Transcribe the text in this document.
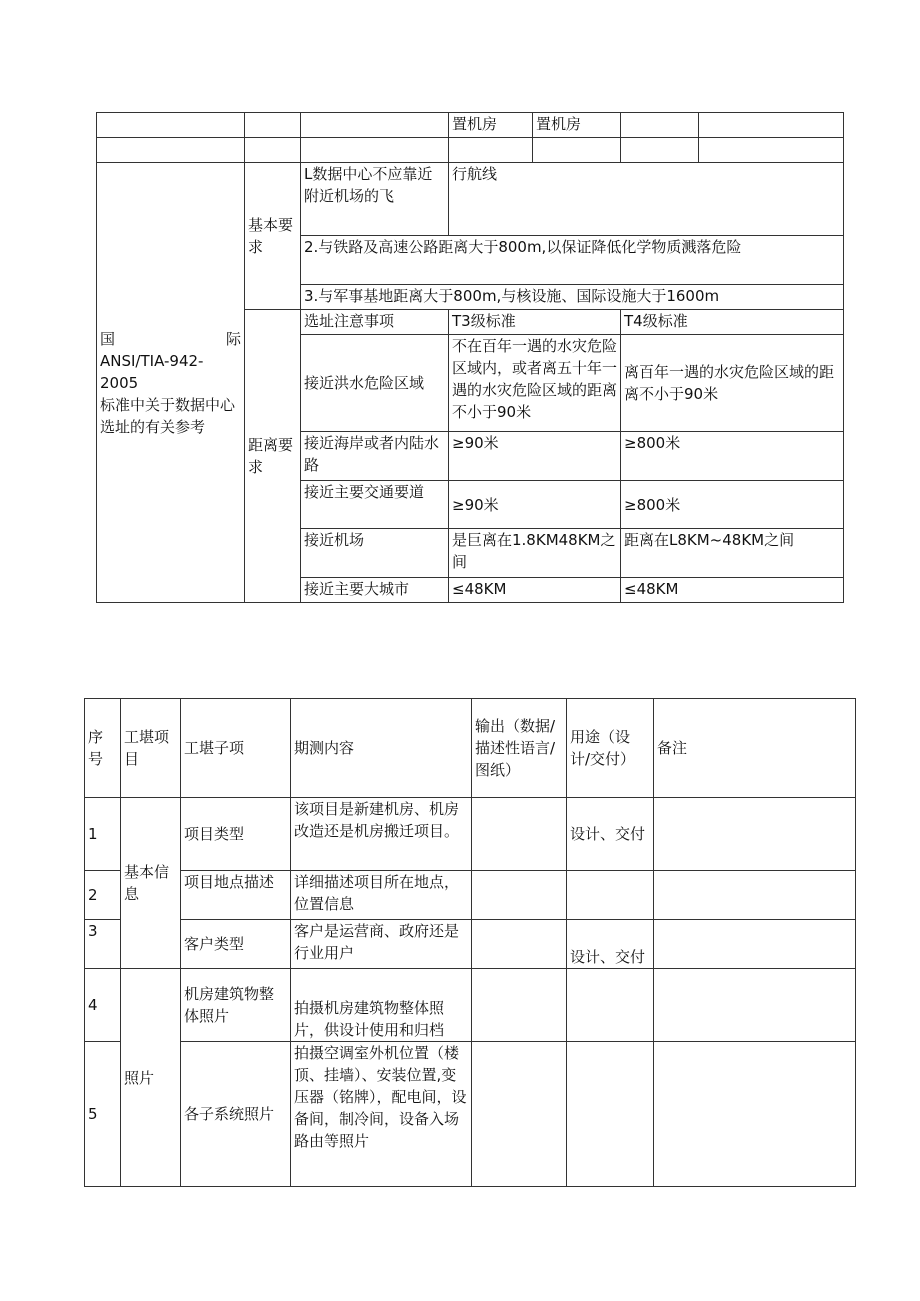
			置机房	置机房		

国 际
ANSI/TIA-942-2005
标准中关于数据中心选址的有关参考	基本要求	L数据中心不应靠近附近机场的飞	行航线			
		2.与铁路及高速公路距离大于800m,以保证降低化学物质溅落危险				
		3.与军事基地距离大于800m,与核设施、国际设施大于1600m				
	距离要求	选址注意事项	T3级标准		T4级标准	
		接近洪水危险区域	不在百年一遇的水灾危险区域内，或者离五十年一遇的水灾危险区域的距离不小于90米		离百年一遇的水灾危险区域的距离不小于90米	
		接近海岸或者内陆水路	≥90米		≥800米	
		接近主要交通要道	≥90米		≥800米	
		接近机场	是巨离在1.8KM48KM之间		距离在L8KM~48KM之间	
		接近主要大城市	≤48KM		≤48KM	
序号	工堪项目	工堪子项	期测内容	输出（数据/描述性语言/图纸）	用途（设计/交付）	备注
1	基本信息	项目类型	该项目是新建机房、机房改造还是机房搬迁项目。		设计、交付	
2		项目地点描述	详细描述项目所在地点，位置信息			
3		客户类型	客户是运营商、政府还是行业用户		设计、交付	
4	照片	机房建筑物整体照片	拍摄机房建筑物整体照片，供设计使用和归档			
5		各子系统照片	拍摄空调室外机位置（楼顶、挂墙）、安装位置,变压器（铭牌），配电间，设备间，制冷间，设备入场路由等照片			
